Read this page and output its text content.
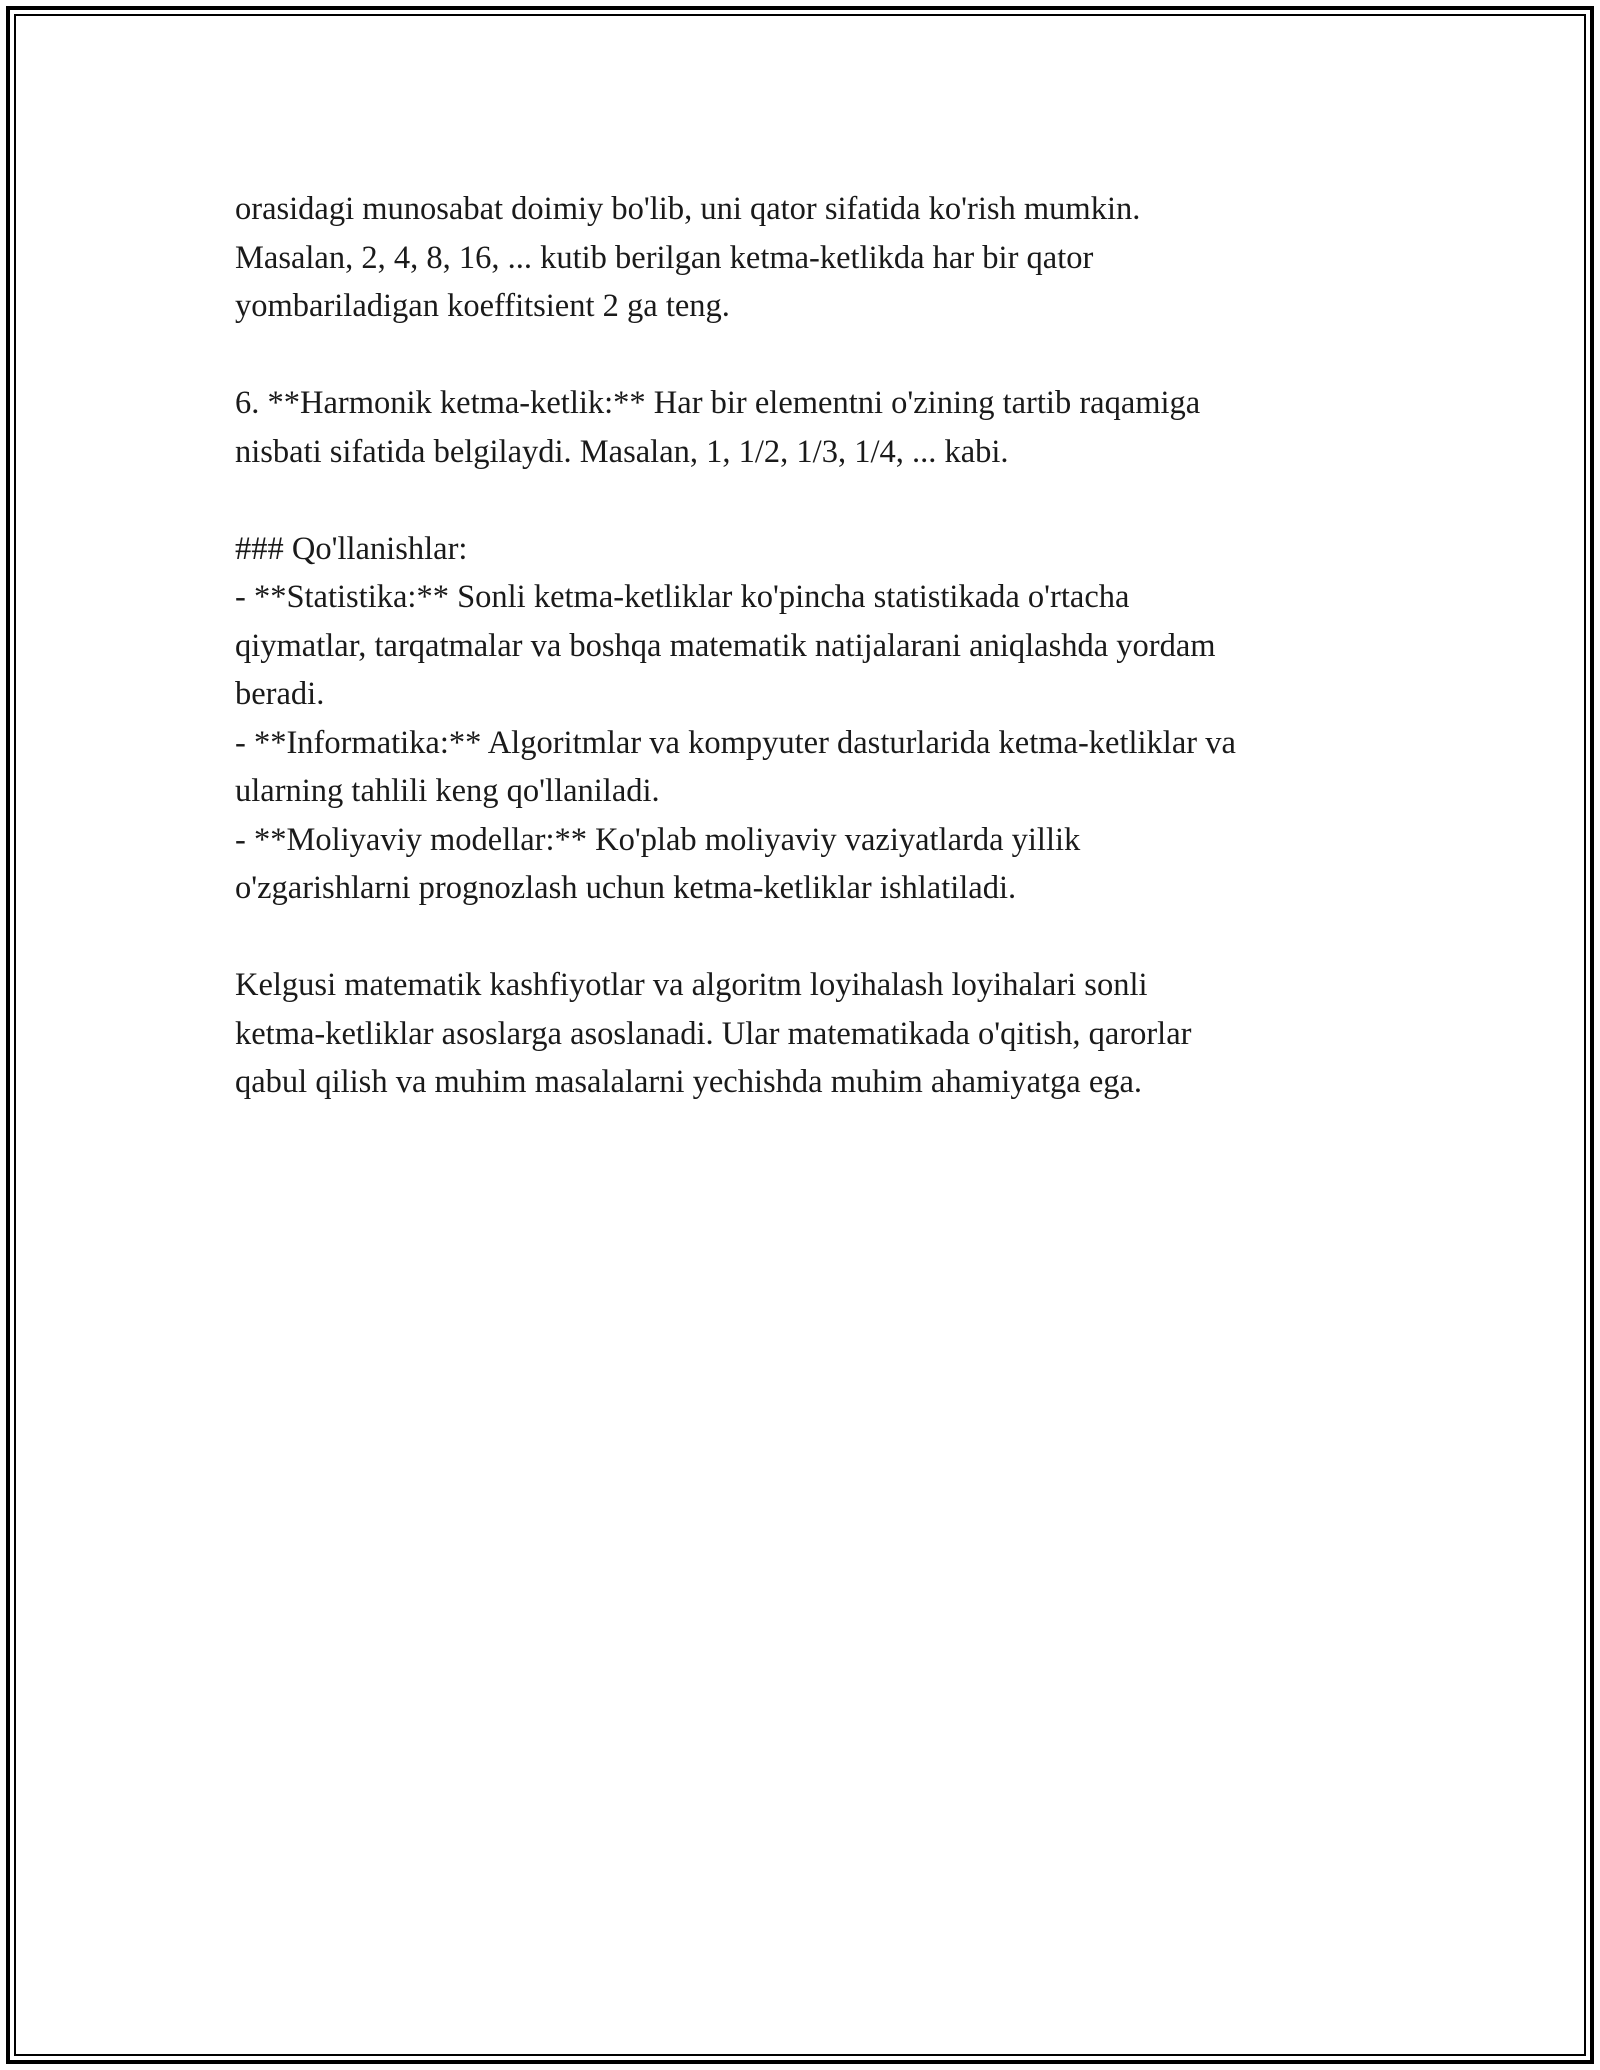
orasidagi munosabat doimiy bo'lib, uni qator sifatida ko'rish mumkin.
Masalan, 2, 4, 8, 16, ... kutib berilgan ketma-ketlikda har bir qator
yombariladigan koeffitsient 2 ga teng.
6. **Harmonik ketma-ketlik:** Har bir elementni o'zining tartib raqamiga
nisbati sifatida belgilaydi. Masalan, 1, 1/2, 1/3, 1/4, ... kabi.
### Qo'llanishlar:
- **Statistika:** Sonli ketma-ketliklar ko'pincha statistikada o'rtacha
qiymatlar, tarqatmalar va boshqa matematik natijalarani aniqlashda yordam
beradi.
- **Informatika:** Algoritmlar va kompyuter dasturlarida ketma-ketliklar va
ularning tahlili keng qo'llaniladi.
- **Moliyaviy modellar:** Ko'plab moliyaviy vaziyatlarda yillik
o'zgarishlarni prognozlash uchun ketma-ketliklar ishlatiladi.
Kelgusi matematik kashfiyotlar va algoritm loyihalash loyihalari sonli
ketma-ketliklar asoslarga asoslanadi. Ular matematikada o'qitish, qarorlar
qabul qilish va muhim masalalarni yechishda muhim ahamiyatga ega.
